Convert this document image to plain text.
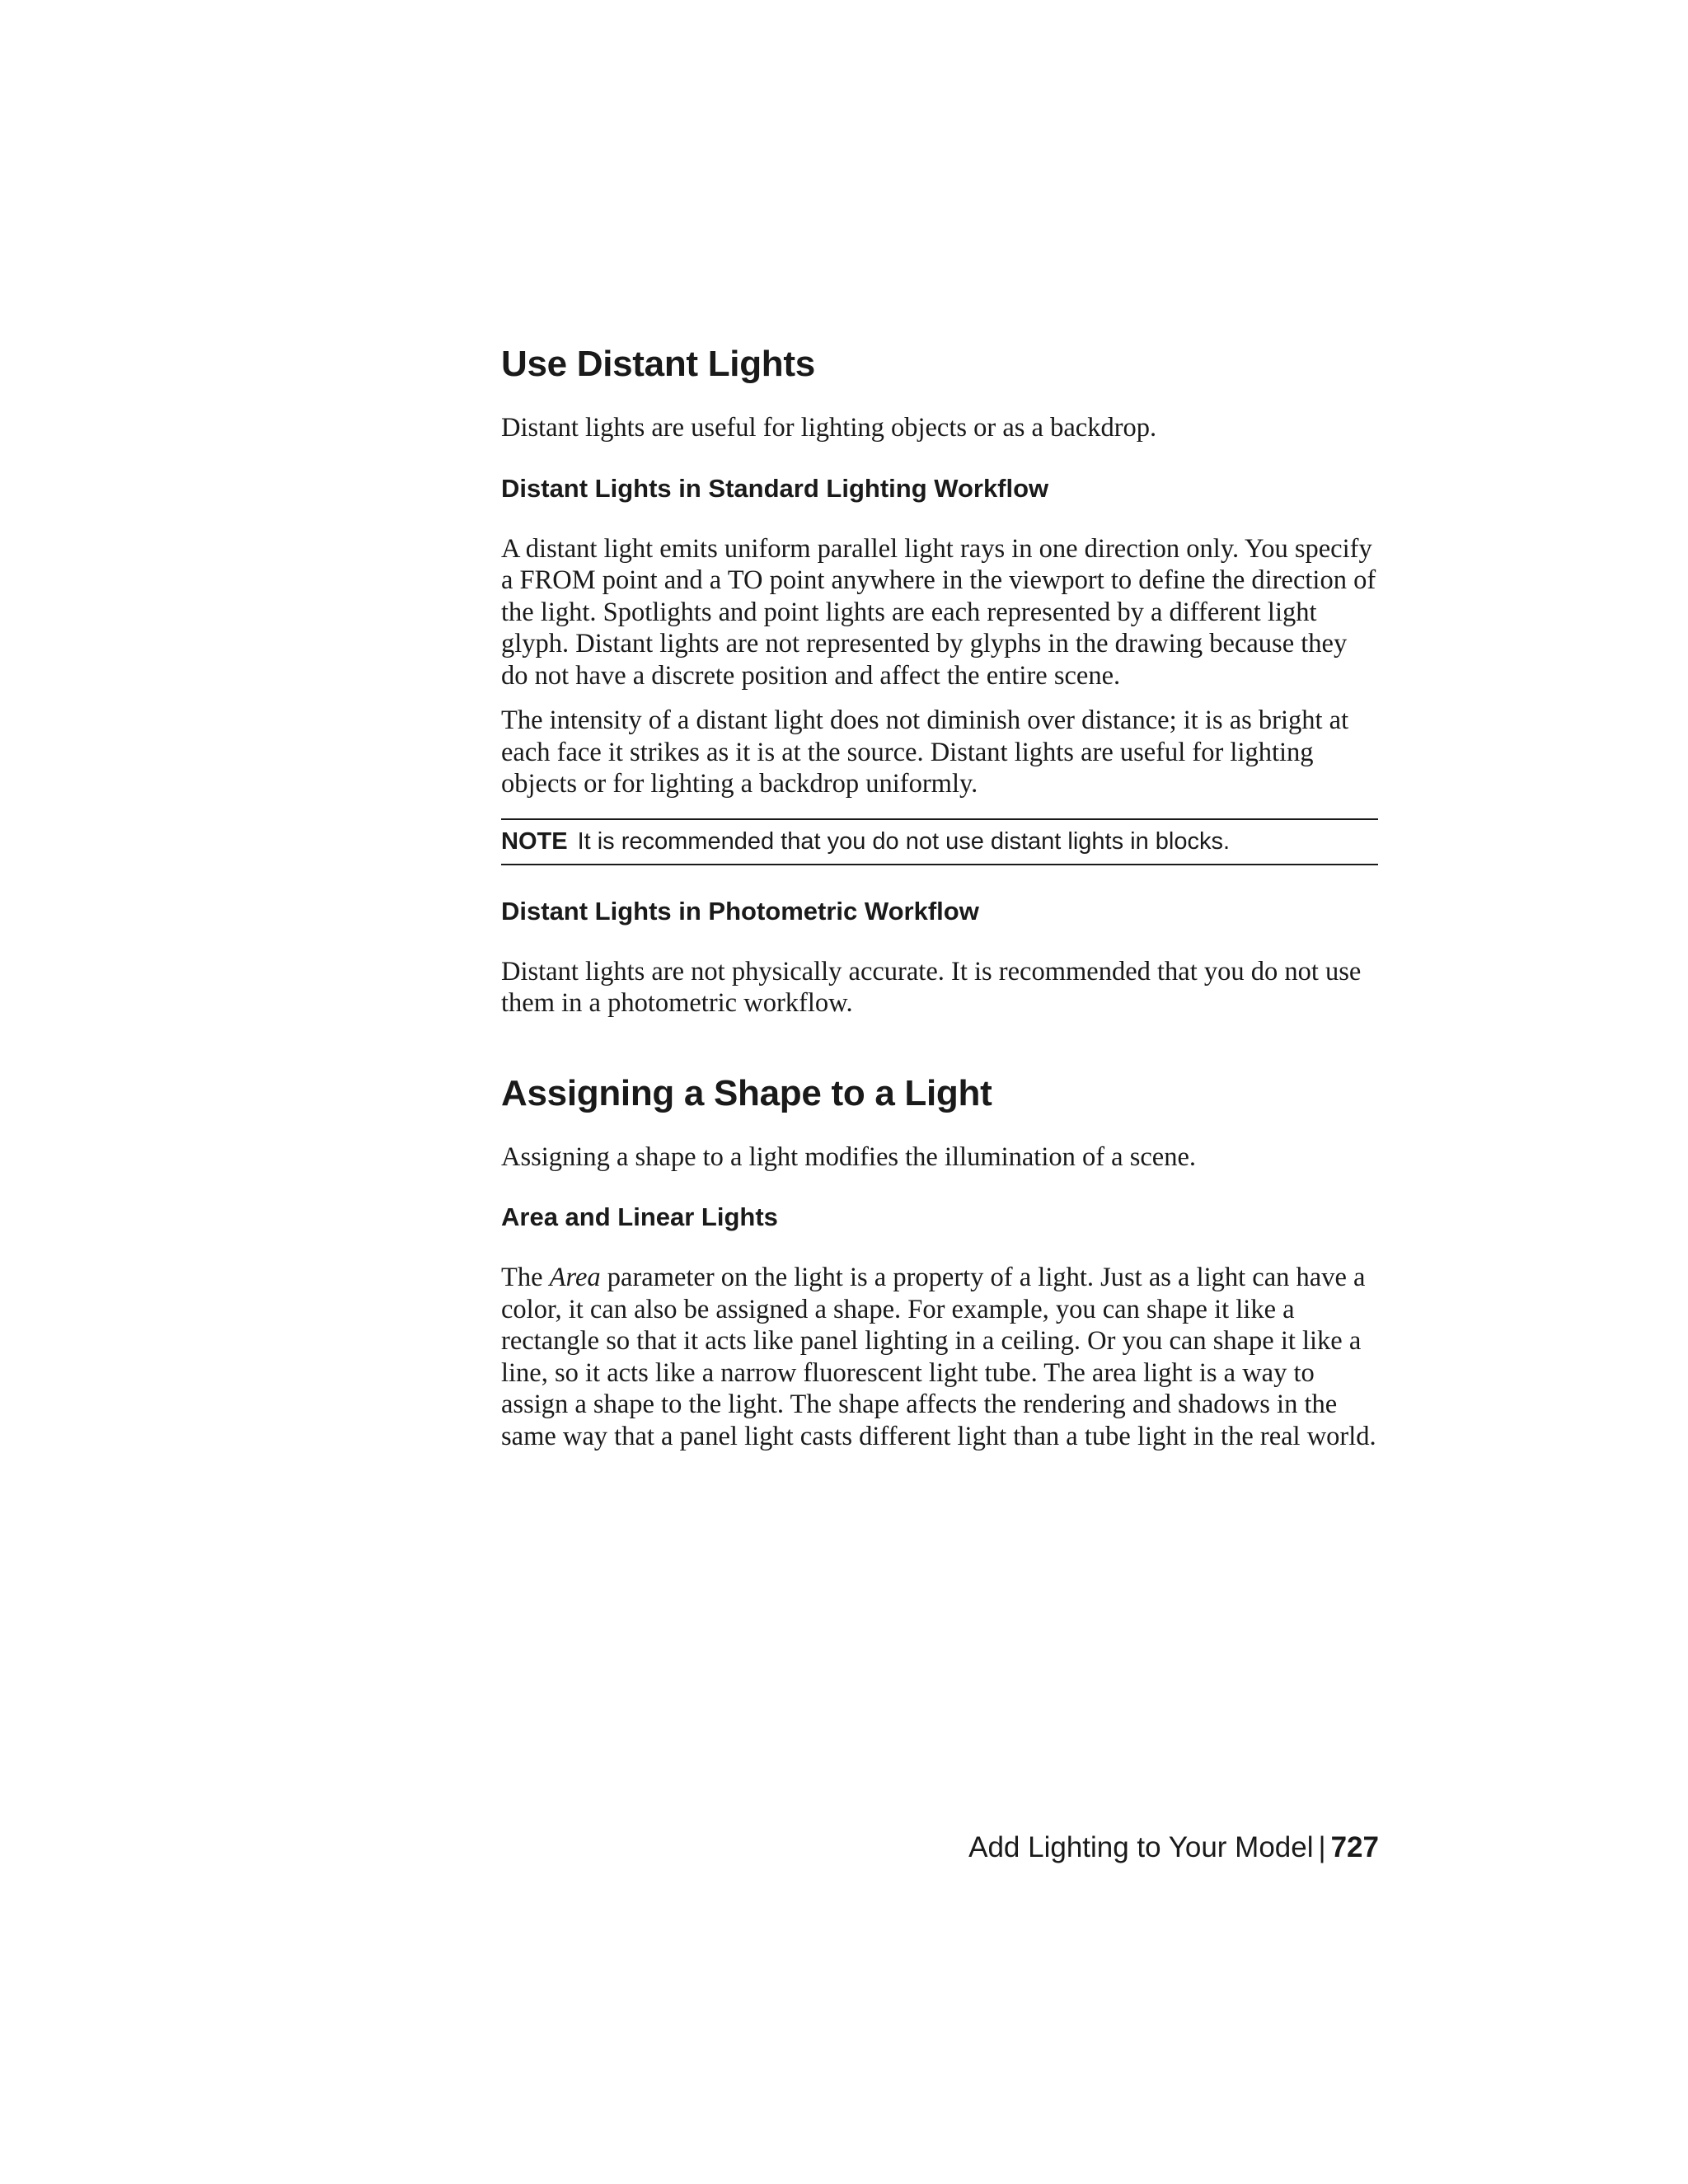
Use Distant Lights

Distant lights are useful for lighting objects or as a backdrop.

Distant Lights in Standard Lighting Workflow

A distant light emits uniform parallel light rays in one direction only. You specify a FROM point and a TO point anywhere in the viewport to define the direction of the light. Spotlights and point lights are each represented by a different light glyph. Distant lights are not represented by glyphs in the drawing because they do not have a discrete position and affect the entire scene.

The intensity of a distant light does not diminish over distance; it is as bright at each face it strikes as it is at the source. Distant lights are useful for lighting objects or for lighting a backdrop uniformly.

NOTE It is recommended that you do not use distant lights in blocks.
Distant Lights in Photometric Workflow

Distant lights are not physically accurate. It is recommended that you do not use them in a photometric workflow.

Assigning a Shape to a Light

Assigning a shape to a light modifies the illumination of a scene.

Area and Linear Lights

The Area parameter on the light is a property of a light. Just as a light can have a color, it can also be assigned a shape. For example, you can shape it like a rectangle so that it acts like panel lighting in a ceiling. Or you can shape it like a line, so it acts like a narrow fluorescent light tube. The area light is a way to assign a shape to the light. The shape affects the rendering and shadows in the same way that a panel light casts different light than a tube light in the real world.

Add Lighting to Your Model | 727
